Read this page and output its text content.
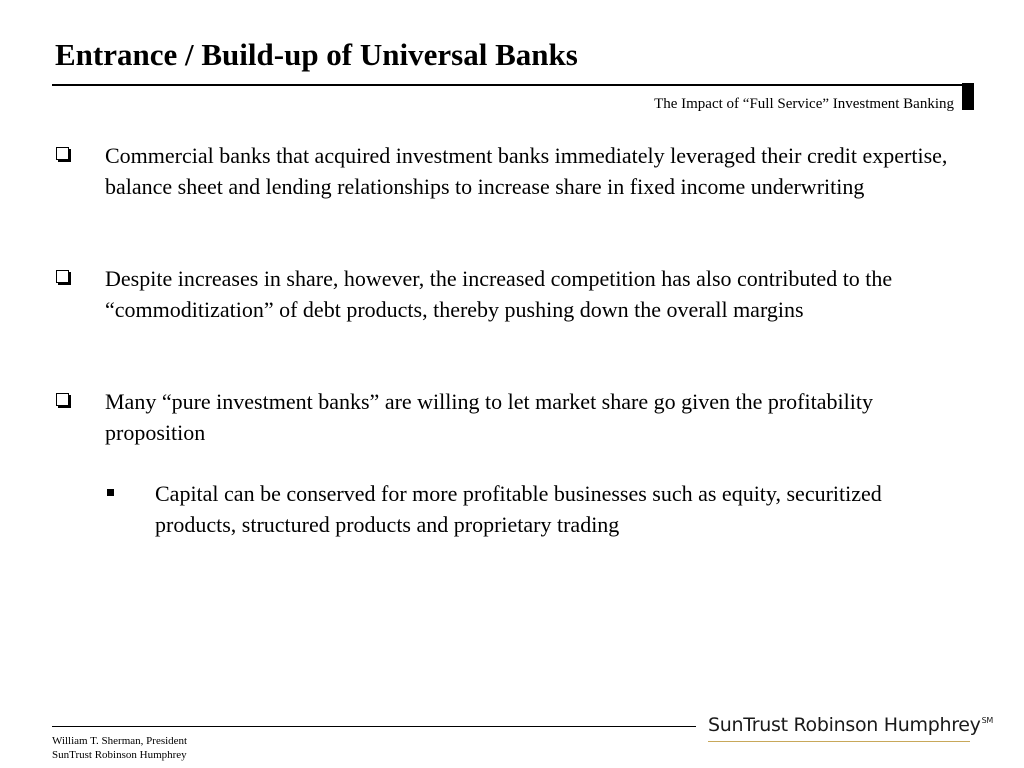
Entrance / Build-up of Universal Banks
The Impact of “Full Service” Investment Banking
Commercial banks that acquired investment banks immediately leveraged their credit expertise, balance sheet and lending relationships to increase share in fixed income underwriting
Despite increases in share, however, the increased competition has also contributed to the “commoditization” of debt products, thereby pushing down the overall margins
Many “pure investment banks” are willing to let market share go given the profitability proposition
Capital can be conserved for more profitable businesses such as equity, securitized products, structured products and proprietary trading
William T. Sherman, President
SunTrust Robinson Humphrey
SunTrust Robinson Humphrey℠
